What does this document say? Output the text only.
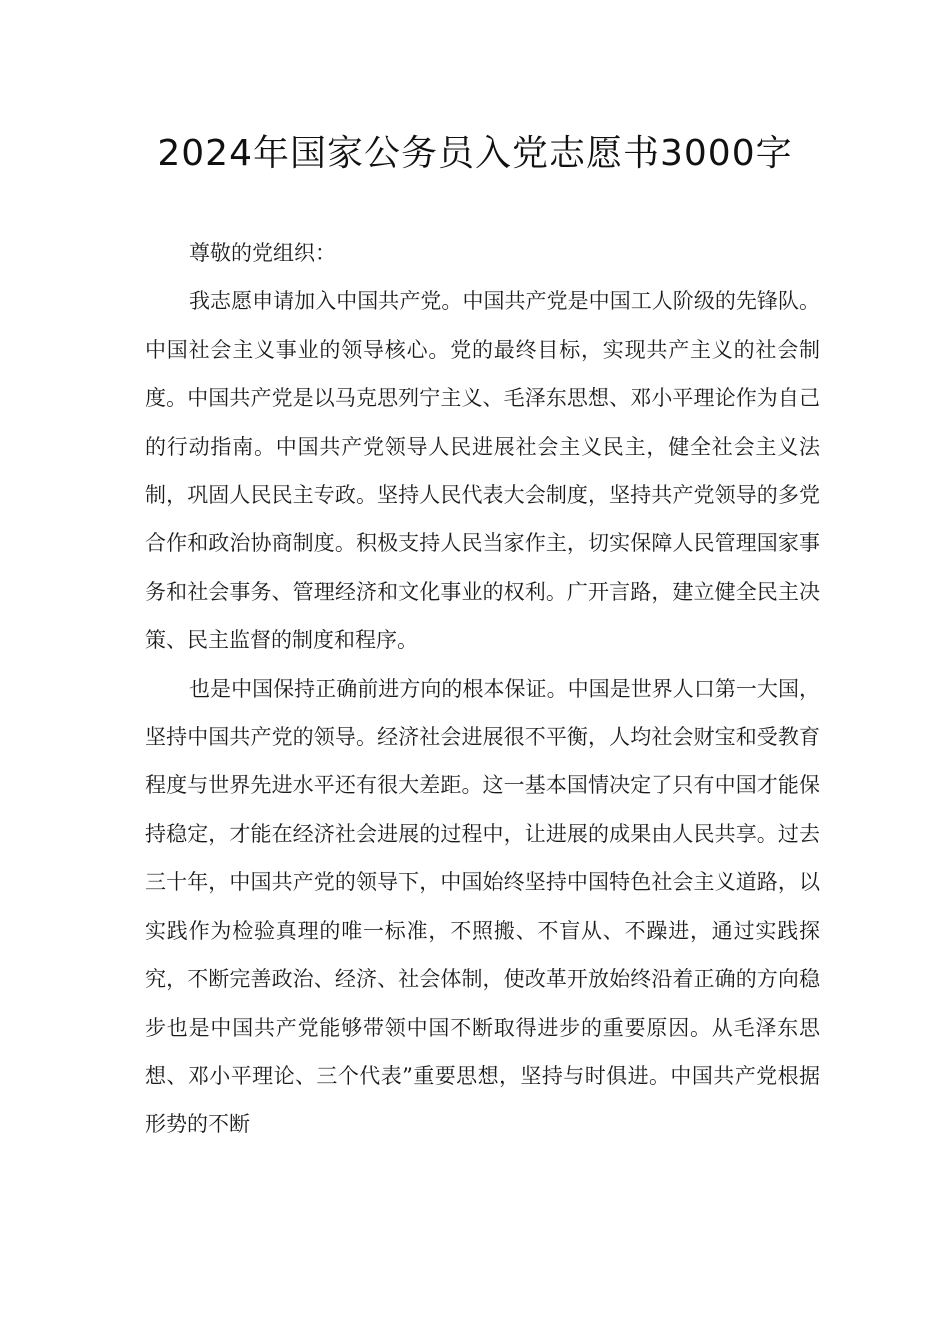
2024年国家公务员入党志愿书3000字

尊敬的党组织：

我志愿申请加入中国共产党。中国共产党是中国工人阶级的先锋队。中国社会主义事业的领导核心。党的最终目标，实现共产主义的社会制度。中国共产党是以马克思列宁主义、毛泽东思想、邓小平理论作为自己的行动指南。中国共产党领导人民进展社会主义民主，健全社会主义法制，巩固人民民主专政。坚持人民代表大会制度，坚持共产党领导的多党合作和政治协商制度。积极支持人民当家作主，切实保障人民管理国家事务和社会事务、管理经济和文化事业的权利。广开言路，建立健全民主决策、民主监督的制度和程序。

也是中国保持正确前进方向的根本保证。中国是世界人口第一大国，坚持中国共产党的领导。经济社会进展很不平衡，人均社会财宝和受教育程度与世界先进水平还有很大差距。这一基本国情决定了只有中国才能保持稳定，才能在经济社会进展的过程中，让进展的成果由人民共享。过去三十年，中国共产党的领导下，中国始终坚持中国特色社会主义道路，以实践作为检验真理的唯一标准，不照搬、不盲从、不躁进，通过实践探究，不断完善政治、经济、社会体制，使改革开放始终沿着正确的方向稳步也是中国共产党能够带领中国不断取得进步的重要原因。从毛泽东思想、邓小平理论、三个代表”重要思想，坚持与时俱进。中国共产党根据形势的不断
